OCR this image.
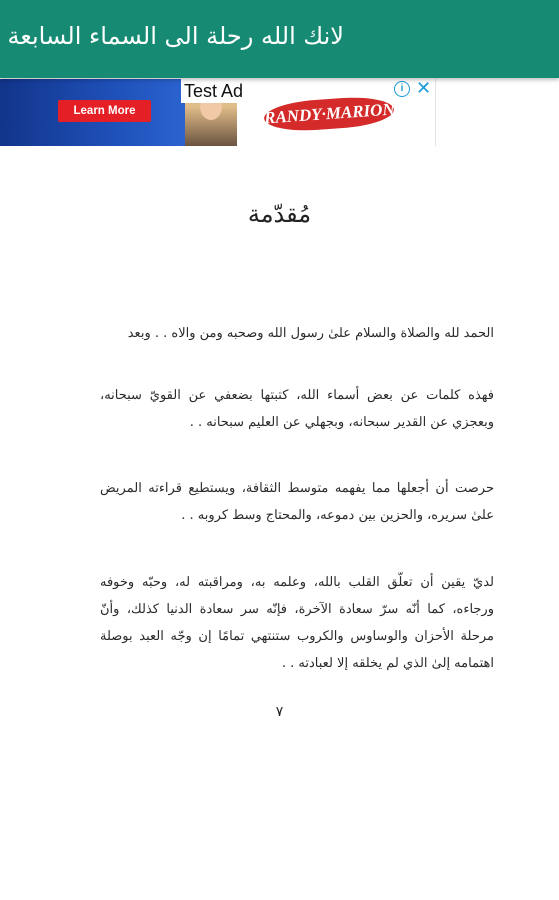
لانك الله رحلة الى السماء السابعة
Learn More
Test Ad
RANDY·MARION
i ✕
مُقدّمة
الحمد لله والصلاة والسلام علىٰ رسول الله وصحبه ومن والاه . . وبعد
فهذه كلمات عن بعض أسماء الله، كتبتها بضعفي عن القويّ سبحانه، وبعجزي عن القدير سبحانه، وبجهلي عن العليم سبحانه . .
حرصت أن أجعلها مما يفهمه متوسط الثقافة، ويستطيع قراءته المريض علىٰ سريره، والحزين بين دموعه، والمحتاج وسط كروبه . .
لديّ يقين أن تعلّق القلب بالله، وعلمه به، ومراقبته له، وحبّه وخوفه ورجاءه، كما أنّه سرّ سعادة الآخرة، فإنّه سر سعادة الدنيا كذلك، وأنّ مرحلة الأحزان والوساوس والكروب ستنتهي تمامًا إن وجّه العبد بوصلة اهتمامه إلىٰ الذي لم يخلقه إلا لعبادته . .
٧
